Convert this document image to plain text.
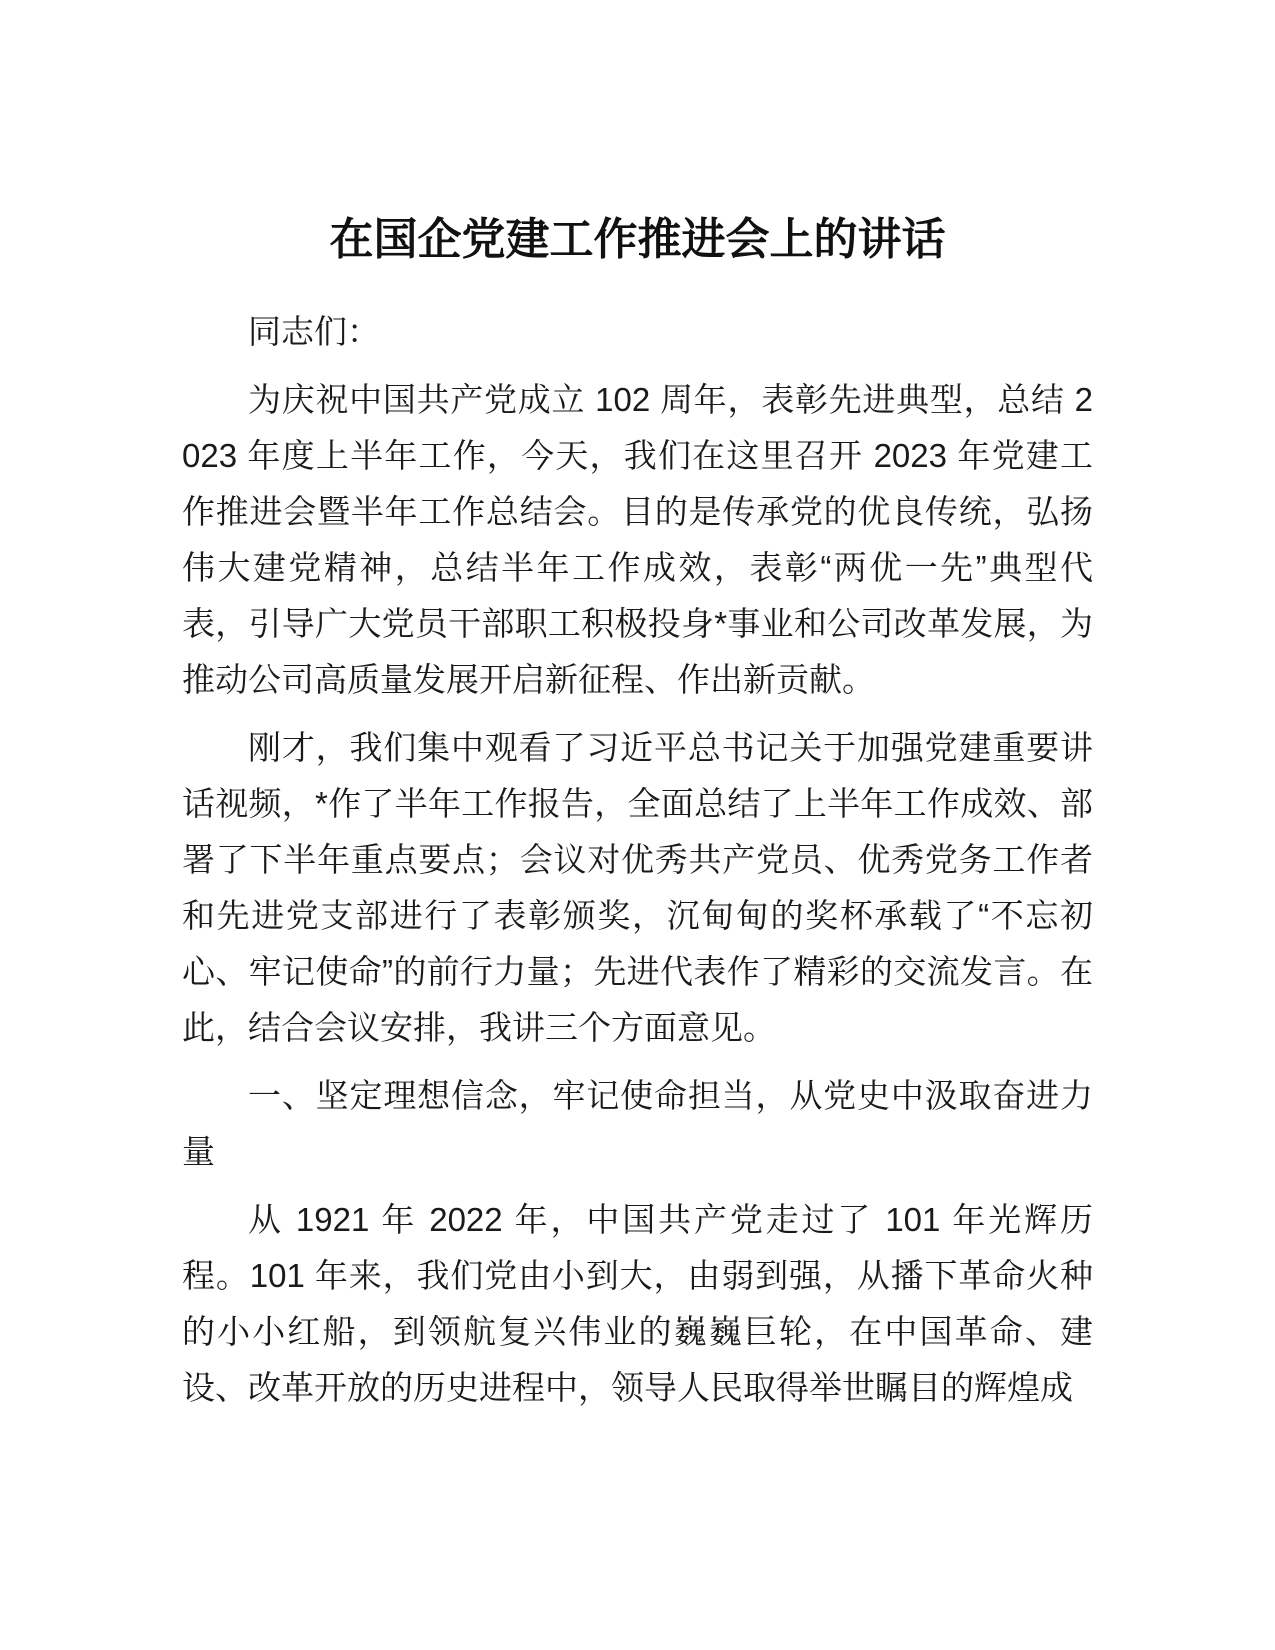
在国企党建工作推进会上的讲话

同志们：

为庆祝中国共产党成立 102 周年，表彰先进典型，总结 2023 年度上半年工作，今天，我们在这里召开 2023 年党建工作推进会暨半年工作总结会。目的是传承党的优良传统，弘扬伟大建党精神，总结半年工作成效，表彰“两优一先”典型代表，引导广大党员干部职工积极投身*事业和公司改革发展，为推动公司高质量发展开启新征程、作出新贡献。

刚才，我们集中观看了习近平总书记关于加强党建重要讲话视频，*作了半年工作报告，全面总结了上半年工作成效、部署了下半年重点要点；会议对优秀共产党员、优秀党务工作者和先进党支部进行了表彰颁奖，沉甸甸的奖杯承载了“不忘初心、牢记使命”的前行力量；先进代表作了精彩的交流发言。在此，结合会议安排，我讲三个方面意见。

一、坚定理想信念，牢记使命担当，从党史中汲取奋进力量

从 1921 年 2022 年，中国共产党走过了 101 年光辉历程。101 年来，我们党由小到大，由弱到强，从播下革命火种的小小红船，到领航复兴伟业的巍巍巨轮，在中国革命、建设、改革开放的历史进程中，领导人民取得举世瞩目的辉煌成
